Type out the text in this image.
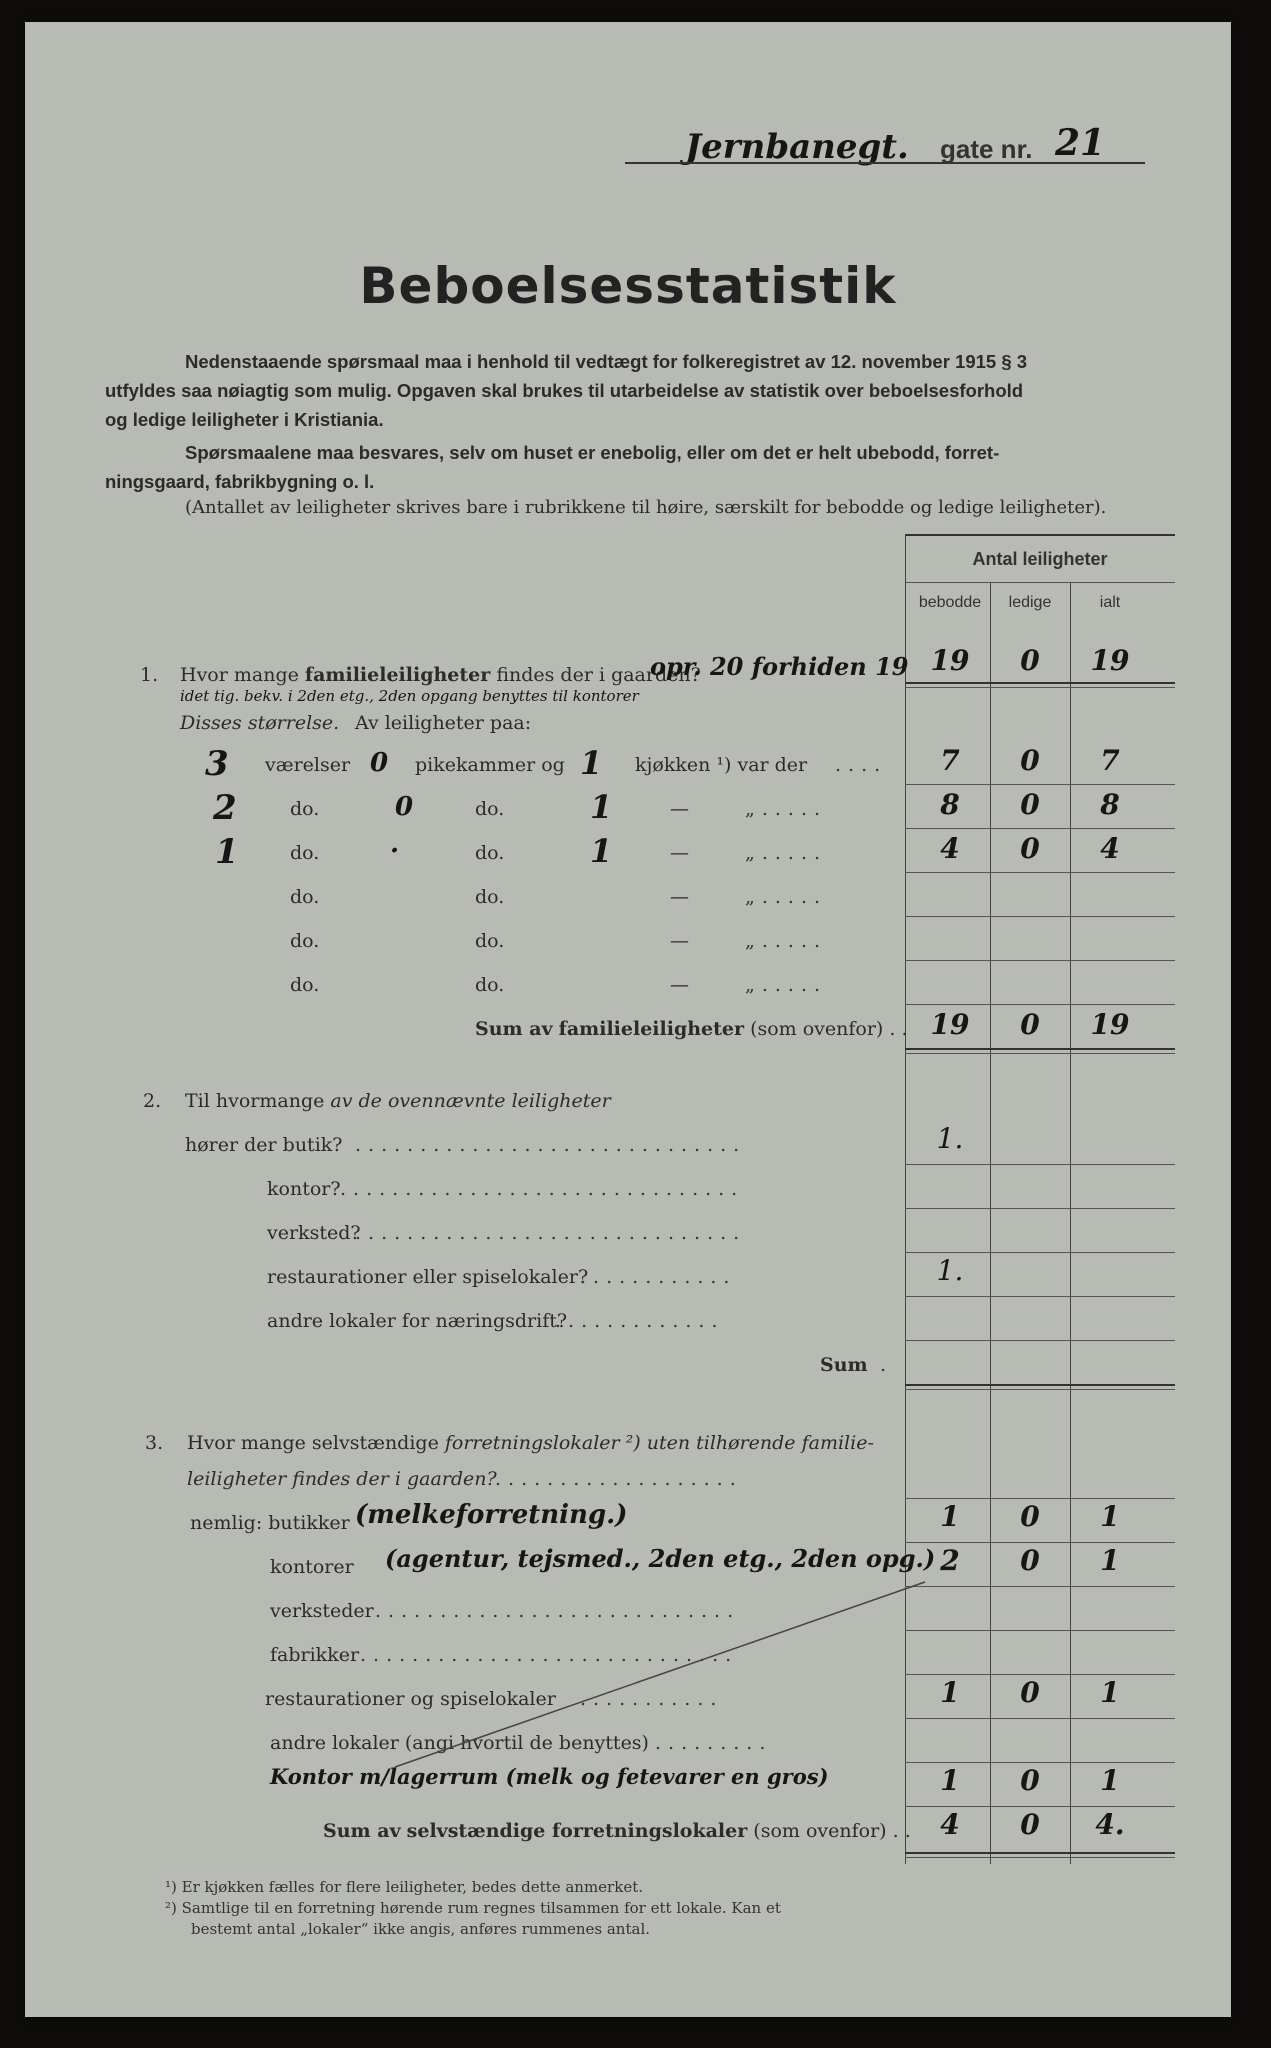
Jernbanegt. gate nr. 21
Beboelsesstatistik
Nedenstaaende spørsmaal maa i henhold til vedtægt for folkeregistret av 12. november 1915 § 3
utfyldes saa nøiagtig som mulig. Opgaven skal brukes til utarbeidelse av statistik over beboelsesforhold
og ledige leiligheter i Kristiania.
Spørsmaalene maa besvares, selv om huset er enebolig, eller om det er helt ubebodd, forret-
ningsgaard, fabrikbygning o. l.
(Antallet av leiligheter skrives bare i rubrikkene til høire, særskilt for bebodde og ledige leiligheter).
Antal leiligheter
bebodde	ledige	ialt
1. Hvor mange familieleiligheter findes der i gaarden?
opr. 20 forhiden 19
idet tig. bekv. i 2den etg., 2den opgang benyttes til kontorer
19	0	19
Disses størrelse. Av leiligheter paa:
3 værelser 0 pikekammer og 1 kjøkken ¹) var der ....	7	0	7
2	do.	0	do.	1	—	„.....	8	0	8
1	do.	·	do.	1	—	„.....	4	0	4
do.	do.	—	„.....
do.	do.	—	„.....
do.	do.	—	„.....
Sum av familieleiligheter (som ovenfor) . . 19	0	19
2. Til hvormange av de ovennævnte leiligheter
hører der butik? ..............................	1.
kontor? ...............................
verksted?
..............................
restaurationer eller spiselokaler?
............	1.
andre lokaler for næringsdrift?
.............
Sum .
3. Hvor mange selvstændige forretningslokaler ²) uten tilhørende familie-
leiligheter findes der i gaarden?
...................
nemlig: butikker (melkeforretning.)	1	0	1
kontorer (agentur, tejsmed., 2den etg., 2den opg.) 2	0	1
verksteder ............................
fabrikker .............................
restaurationer og spiselokaler ...........	1	0	1
andre lokaler (angi hvortil de benyttes) .........
Kontor m/lagerrum (melk og fetevarer en gros)	1	0	1
Sum av selvstændige forretningslokaler (som ovenfor) . .	4	0	4.
¹) Er kjøkken fælles for flere leiligheter, bedes dette anmerket.
²) Samtlige til en forretning hørende rum regnes tilsammen for ett lokale. Kan et
bestemt antal „lokaler“ ikke angis, anføres rummenes antal.
